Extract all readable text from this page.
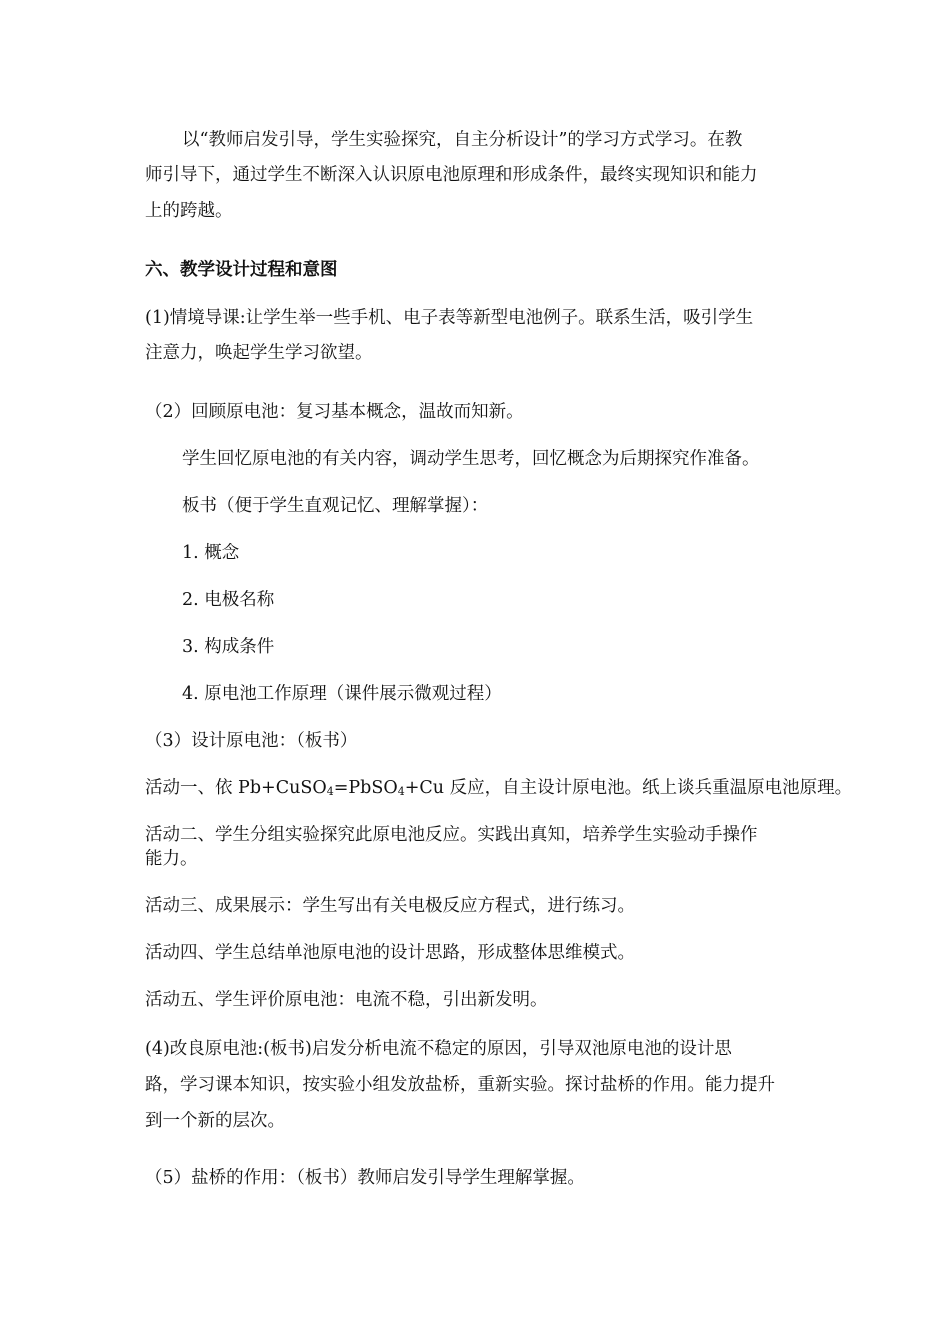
以“教师启发引导，学生实验探究，自主分析设计”的学习方式学习。在教
师引导下，通过学生不断深入认识原电池原理和形成条件，最终实现知识和能力
上的跨越。
六、教学设计过程和意图
(1)情境导课:让学生举一些手机、电子表等新型电池例子。联系生活，吸引学生
注意力，唤起学生学习欲望。
（2）回顾原电池：复习基本概念，温故而知新。
学生回忆原电池的有关内容，调动学生思考，回忆概念为后期探究作准备。
板书（便于学生直观记忆、理解掌握）：
1. 概念
2. 电极名称
3. 构成条件
4. 原电池工作原理（课件展示微观过程）
（3）设计原电池：（板书）
活动一、依 Pb+CuSO$_4$=PbSO$_4$+Cu 反应，自主设计原电池。纸上谈兵重温原电池原理。
活动二、学生分组实验探究此原电池反应。实践出真知，培养学生实验动手操作
能力。
活动三、成果展示：学生写出有关电极反应方程式，进行练习。
活动四、学生总结单池原电池的设计思路，形成整体思维模式。
活动五、学生评价原电池：电流不稳，引出新发明。
(4)改良原电池:(板书)启发分析电流不稳定的原因，引导双池原电池的设计思
路，学习课本知识，按实验小组发放盐桥，重新实验。探讨盐桥的作用。能力提升
到一个新的层次。
（5）盐桥的作用：（板书）教师启发引导学生理解掌握。
